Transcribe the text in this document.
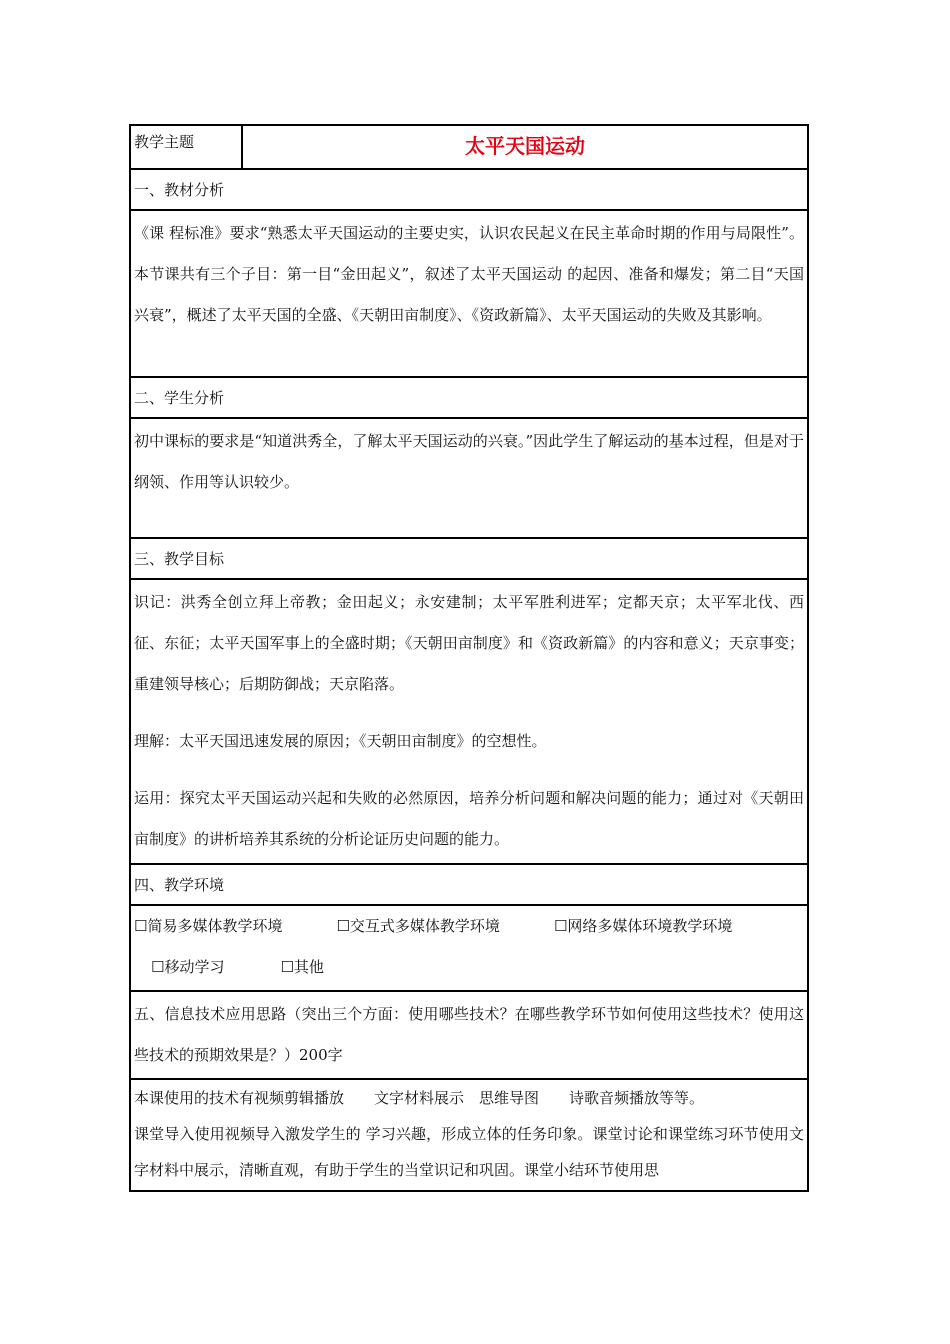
教学主题	太平天国运动
一、教材分析

《课 程标准》要求“熟悉太平天国运动的主要史实，认识农民起义在民主革命时期的作用与局限性”。本节课共有三个子目：第一目“金田起义”，叙述了太平天国运动 的起因、准备和爆发；第二目“天国兴衰”，概述了太平天国的全盛、《天朝田亩制度》、《资政新篇》、太平天国运动的失败及其影响。

二、学生分析

初中课标的要求是“知道洪秀全，了解太平天国运动的兴衰。”因此学生了解运动的基本过程，但是对于纲领、作用等认识较少。

三、教学目标

识记：洪秀全创立拜上帝教；金田起义；永安建制；太平军胜利进军；定都天京；太平军北伐、西征、东征；太平天国军事上的全盛时期；《天朝田亩制度》和《资政新篇》的内容和意义；天京事变；重建领导核心；后期防御战；天京陷落。

理解：太平天国迅速发展的原因；《天朝田亩制度》的空想性。

运用：探究太平天国运动兴起和失败的必然原因，培养分析问题和解决问题的能力；通过对《天朝田亩制度》的讲析培养其系统的分析论证历史问题的能力。

四、教学环境
☐简易多媒体教学环境	☐交互式多媒体教学环境	☐网络多媒体环境教学环境
☐移动学习	☐其他

五、信息技术应用思路（突出三个方面：使用哪些技术？在哪些教学环节如何使用这些技术？使用这些技术的预期效果是？）200字

本课使用的技术有视频剪辑播放　　文字材料展示　思维导图　　诗歌音频播放等等。

课堂导入使用视频导入激发学生的 学习兴趣，形成立体的任务印象。课堂讨论和课堂练习环节使用文字材料中展示，清晰直观，有助于学生的当堂识记和巩固。课堂小结环节使用思
